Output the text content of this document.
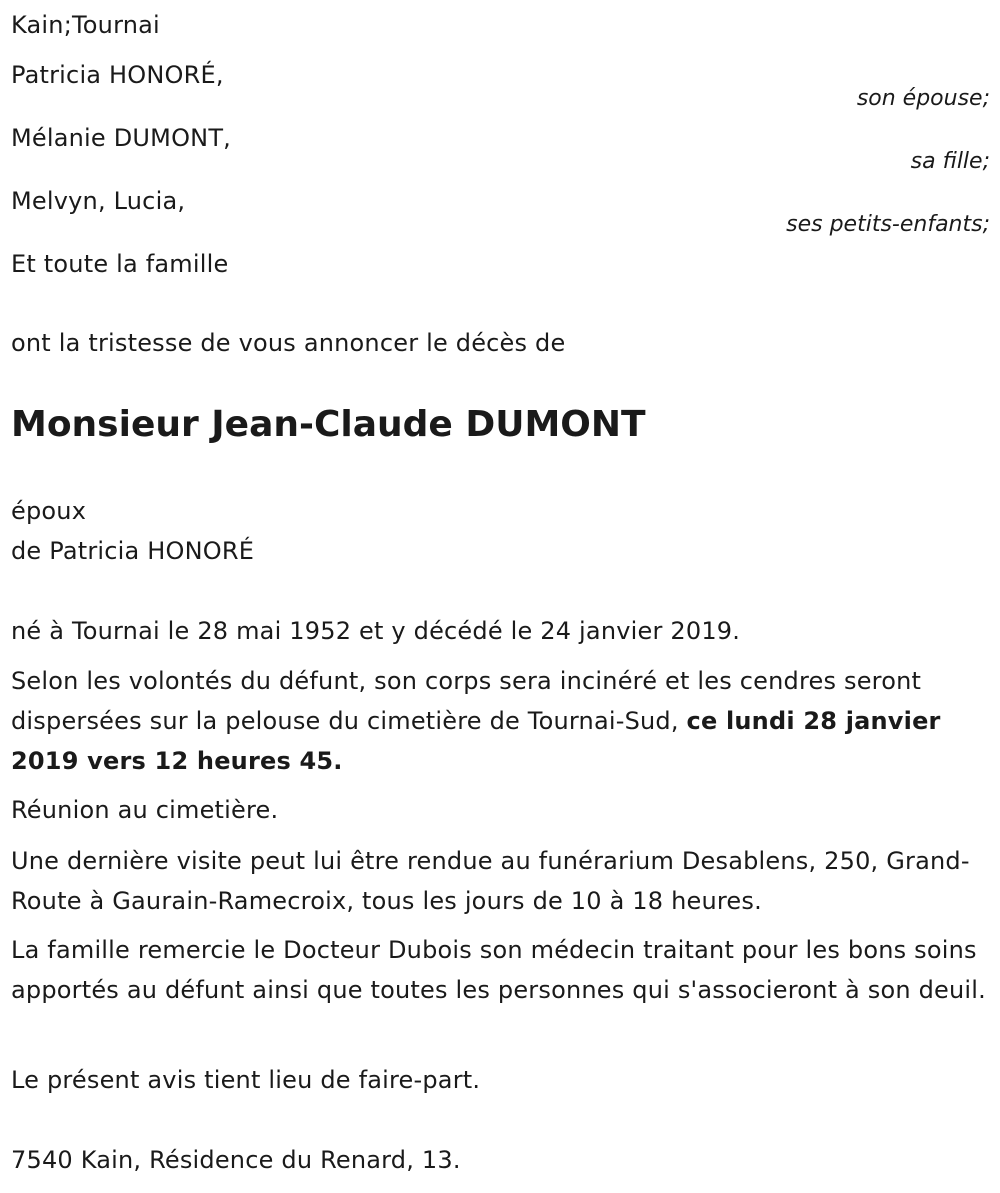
Kain;Tournai
Patricia HONORÉ,
son épouse;
Mélanie DUMONT,
sa fille;
Melvyn, Lucia,
ses petits-enfants;
Et toute la famille
ont la tristesse de vous annoncer le décès de
Monsieur Jean-Claude DUMONT
époux
de Patricia HONORÉ
né à Tournai le 28 mai 1952 et y décédé le 24 janvier 2019.
Selon les volontés du défunt, son corps sera incinéré et les cendres seront dispersées sur la pelouse du cimetière de Tournai-Sud, ce lundi 28 janvier 2019 vers 12 heures 45.
Réunion au cimetière.
Une dernière visite peut lui être rendue au funérarium Desablens, 250, Grand-Route à Gaurain-Ramecroix, tous les jours de 10 à 18 heures.
La famille remercie le Docteur Dubois son médecin traitant pour les bons soins apportés au défunt ainsi que toutes les personnes qui s'associeront à son deuil.
Le présent avis tient lieu de faire-part.
7540 Kain, Résidence du Renard, 13.
